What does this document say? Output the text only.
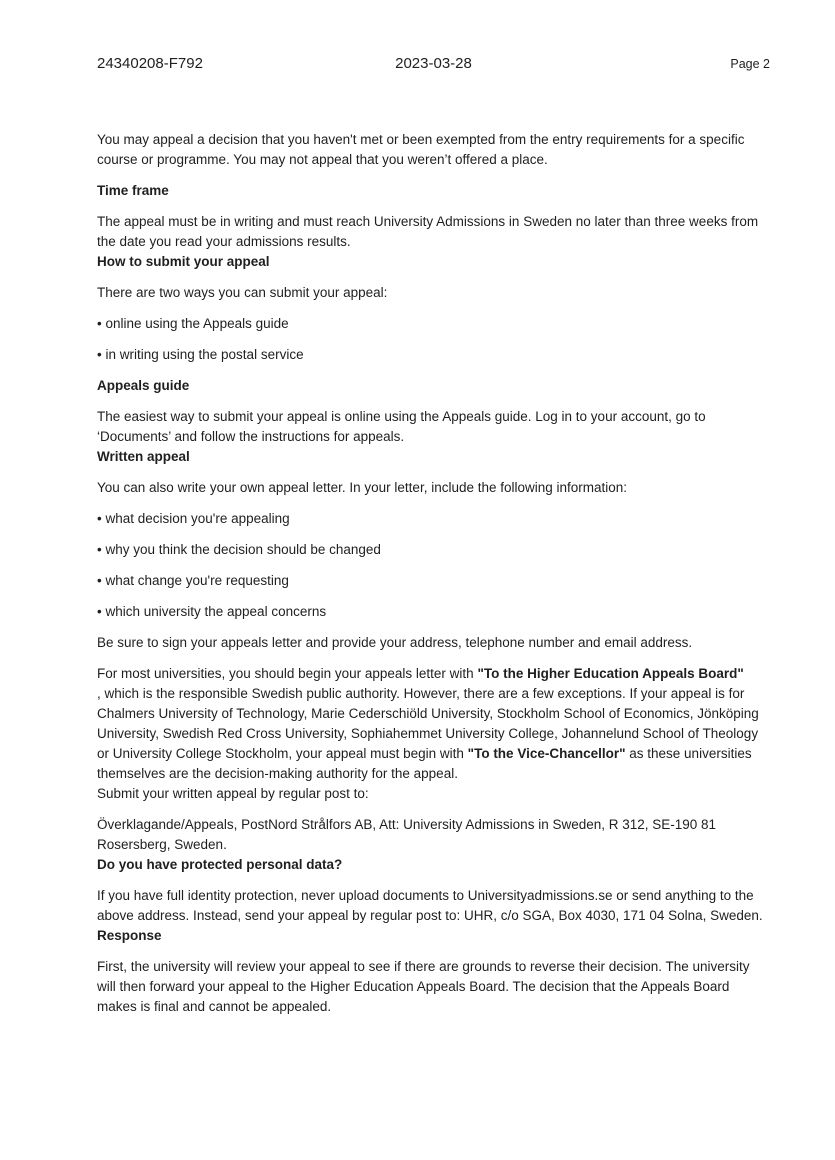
24340208-F792	2023-03-28	Page 2

You may appeal a decision that you haven't met or been exempted from the entry requirements for a specific course or programme. You may not appeal that you weren’t offered a place.

Time frame

The appeal must be in writing and must reach University Admissions in Sweden no later than three weeks from the date you read your admissions results.

How to submit your appeal

There are two ways you can submit your appeal:

• online using the Appeals guide

• in writing using the postal service

Appeals guide

The easiest way to submit your appeal is online using the Appeals guide. Log in to your account, go to ‘Documents’ and follow the instructions for appeals.

Written appeal

You can also write your own appeal letter. In your letter, include the following information:

• what decision you're appealing

• why you think the decision should be changed

• what change you're requesting

• which university the appeal concerns

Be sure to sign your appeals letter and provide your address, telephone number and email address.

For most universities, you should begin your appeals letter with "To the Higher Education Appeals Board"
, which is the responsible Swedish public authority. However, there are a few exceptions. If your appeal is for Chalmers University of Technology, Marie Cederschiöld University, Stockholm School of Economics, Jönköping University, Swedish Red Cross University, Sophiahemmet University College, Johannelund School of Theology or University College Stockholm, your appeal must begin with "To the Vice-Chancellor" as these universities themselves are the decision-making authority for the appeal.

Submit your written appeal by regular post to:

Överklagande/Appeals, PostNord Strålfors AB, Att: University Admissions in Sweden, R 312, SE-190 81 Rosersberg, Sweden.

Do you have protected personal data?

If you have full identity protection, never upload documents to Universityadmissions.se or send anything to the above address. Instead, send your appeal by regular post to: UHR, c/o SGA, Box 4030, 171 04 Solna, Sweden.

Response

First, the university will review your appeal to see if there are grounds to reverse their decision. The university will then forward your appeal to the Higher Education Appeals Board. The decision that the Appeals Board makes is final and cannot be appealed.
